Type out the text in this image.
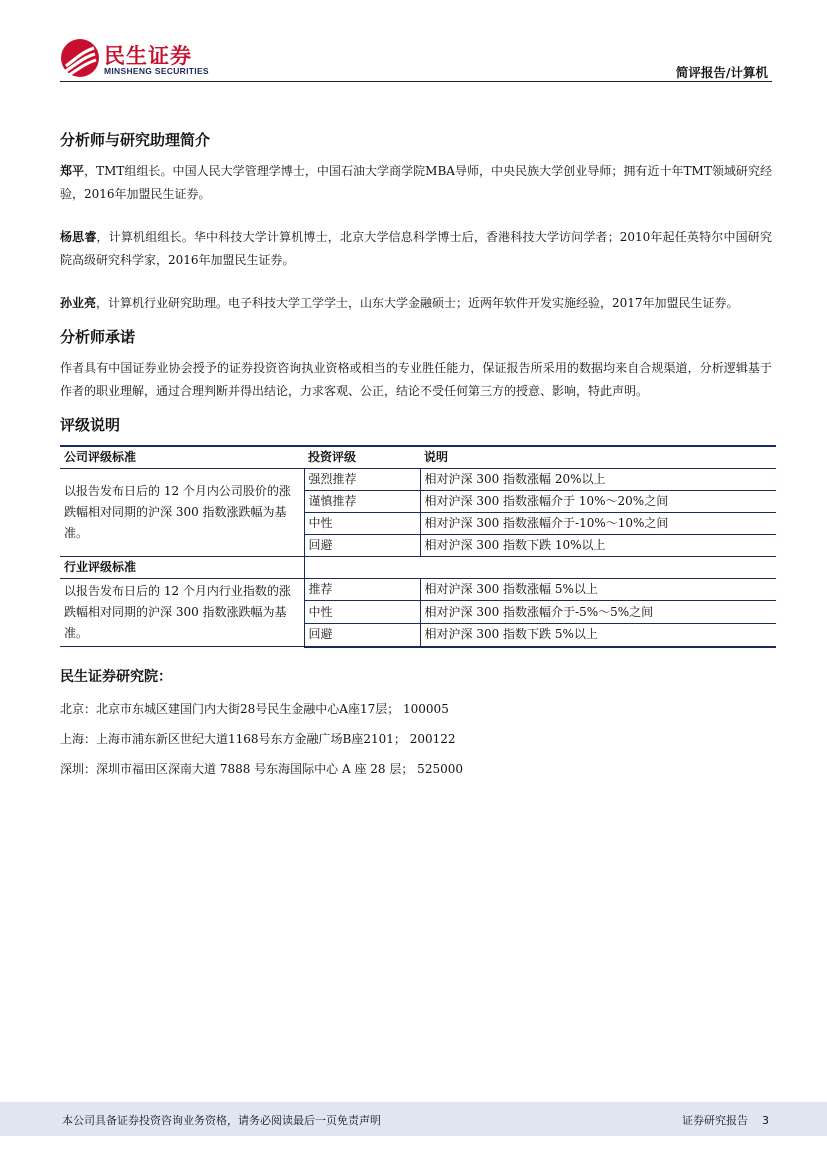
民生证券
MINSHENG SECURITIES	简评报告/计算机
分析师与研究助理简介

郑平，TMT组组长。中国人民大学管理学博士，中国石油大学商学院MBA导师，中央民族大学创业导师；拥有近十年TMT领域研究经验，2016年加盟民生证券。

杨思睿，计算机组组长。华中科技大学计算机博士，北京大学信息科学博士后，香港科技大学访问学者；2010年起任英特尔中国研究院高级研究科学家，2016年加盟民生证券。

孙业亮，计算机行业研究助理。电子科技大学工学学士，山东大学金融硕士；近两年软件开发实施经验，2017年加盟民生证券。

分析师承诺

作者具有中国证券业协会授予的证券投资咨询执业资格或相当的专业胜任能力，保证报告所采用的数据均来自合规渠道，分析逻辑基于作者的职业理解，通过合理判断并得出结论，力求客观、公正，结论不受任何第三方的授意、影响，特此声明。

评级说明
公司评级标准	投资评级	说明
以报告发布日后的 12 个月内公司股价的涨跌幅相对同期的沪深 300 指数涨跌幅为基准。	强烈推荐	相对沪深 300 指数涨幅 20%以上
	谨慎推荐	相对沪深 300 指数涨幅介于 10%～20%之间
	中性	相对沪深 300 指数涨幅介于-10%～10%之间
	回避	相对沪深 300 指数下跌 10%以上
行业评级标准		
以报告发布日后的 12 个月内行业指数的涨跌幅相对同期的沪深 300 指数涨跌幅为基准。	推荐	相对沪深 300 指数涨幅 5%以上
	中性	相对沪深 300 指数涨幅介于-5%～5%之间
	回避	相对沪深 300 指数下跌 5%以上
民生证券研究院：
北京：北京市东城区建国门内大街28号民生金融中心A座17层； 100005
上海：上海市浦东新区世纪大道1168号东方金融广场B座2101； 200122
深圳：深圳市福田区深南大道 7888 号东海国际中心 A 座 28 层； 525000
本公司具备证券投资咨询业务资格，请务必阅读最后一页免责声明	证券研究报告 3
